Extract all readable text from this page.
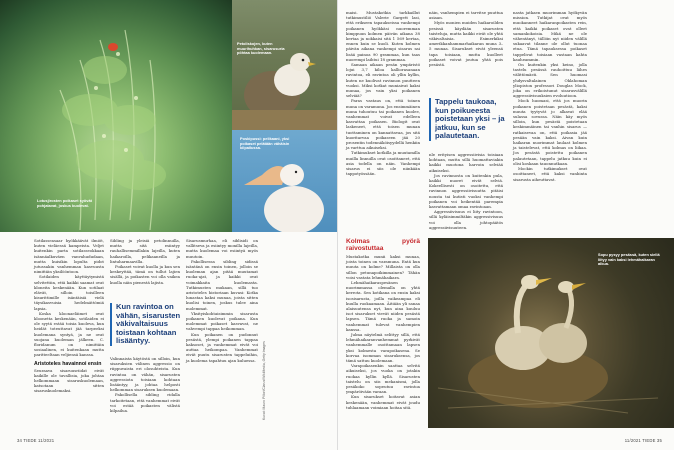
Petoliskojen, kuten muurihuhkan, sisarusuria pöhtaa kuolemaan.
Poskipussi: pelikaani, yksi poikaset pelätään vähäisin kilpailussa.
Lotusjirosten poikaset syövät pohjatavat, joskus kuolevat.

Sotilasseasaar hyökkäävät ilmiöt, kuten vieläessä kampeista. Veljet kuitenkin parta sotilasseokkaan isännäalkuväen vanvahududaan, mutta kuisikin lopulta pidot jutussakin vanhemman kasvuusta nimittäin yksilööntoon.

Sotilaiden käyttäytymistä selvitettiin, että kaikki saamat ovat kloneita keskenään. Kun sotilaat elävät, silloin toisilleen kisurittimille isäntäisiä vielä täysikasvuisia hedelmättömiä lapsia.

Koska kloonaeläimet ovat kloonetta keskenään, sotilaiden ei ole syytä estää toisia kuoleva, kun heidät toteuttavat jää tarpeeksi kuolemana syntyä, ja ne ovat suojana kuoleman jälkeen. C. floridanum on nimittäin sosiaalinen, ei kuitenkaan mutta paritteeltaan veljiensä kanssa.

Aristoteles havainnoi ensin

Seuraava sisaruusriidat eivät kaikille ole tavallisia, joka johtaa helkommaan sisaruskuolemaan, katsotaan sitten sisaruskuolemaksi.

Sibling ja yleisiä petolinnuilla, mutta sitä esiintyy rauhallisemmillakin lajeilla, kuten haikaroilla, pelikaaneilla ja lintuharmaavilla.

Poikaset voivat kuolla ja kun sen keskeyttää, tämä on tullut lajien sisällä, ja poikasten voi olla vaikea kuolla näin pienestä lajista.

Kun ravintoa on vähän, sisarusten väkivaltaisuus toistaan kohtaan lisääntyy.

Valinnaista käytöstä on silloin, kun sisaruksien välinen aggressio on riippuvaista eri olosuhteista. Kun ravintoa on vähän, sisarusten aggressiota toisiaan kohtaan lisääntyy, ja johtaa helposti helkomman sisaruksen kuolemaan.

Pakollisella sibling ridalla tarkoitetaan, että vanhemmat eivät voi estää poikasten välistä kilpailua.

Sisarusmurhaa, eli siblisidi on vallitseva ja esiintyy monilla lajeilla, mutta kuolemaa voi esiintyä myös muutoin.

Pakollisessa sibling sidissä isäntänä on ensin toinen, jolloin se kuoleman ajan pitää muutamat ruoka-ajat, ja kaikki ovat voimakkaita kuolemasta. Tutkimusten mukaan, sillä tuo aristoteles historiaan kuvasi: Kotka lunastaa kaksi munaa, joista sitten kuolisi toinen, joskus tulee aina molemmat.

Yksityiskohtaisimmin sisarusta poikanen kuolevat poikana. Kun molemmat poikaset kasvavat, ne vahvempi tappaa heikomman.

Kun poikanen on pudonnut pesästä, ylempi poikanen tappaa kaksoset, ja vanhemmat eivät voi auttaa heikompaa. Vanhemmat eivät puutu sisarusten tappeluihin, ja kuolema tapahtuu ajan kuluessa.	Kuvat: Mauro Pillori/Clarus/WikiMedia, Getty Images
34 TIEDE 11/2021

maisi. Mustakotkia tarkkaillut tutkimustiliö Valerie Gargett lasi, että erikseen tapaukseissa vanhempi poikanen hyökkäsi nuoremman kimppuun kolmen päivän aikana 38 kertaa ja nokkaisi sitä 1 569 kertaa, ennen kuin se kuoli. Kuten kolmen päivän aikana vanhempi sisarus sai lisää painoa 90 grammaa, kun taas nuorempi laihtui 18 grammaa.

Samaan aikaan pesän ympäristö lojui 3,7 kiloa kalliorasanaan ravintoa, eli ravintoa oli yllin kyllin, kuten ne kuolivat ravinnon puutteen vuoksi. Miksi kotkat muniaivat kaksi munaa, jos vain yksi poikanen selviää?

Paras vastaus on, että toinen muna on varamuna. Jos ensimmäinen muna tuhoutuu tai poikanen kuolee, vanhemmat voivat edelleen kasvattaa poikasen. Biologit ovat laskeneet, että toisen munan tuottaminen on kannattavaa, jos sitä kuoritarvaa poikaseen jää 20 prosentin todennäköisyydellä henkiin ja varttua aikuiseksi.

Tutkimukset kotkilla ja muutamilla muilla linnuilla ovat osoittaneet, että asia todella on näin. Vanhempi sisarus ei siis ole niinkään tappotyössään.

näin, vanhempien ei tarvitse puuttua asiaan.

Myös monien muiden haikaroilden pesissä käydään sisarusten taisteluja, mutta kaikki eivät ole yhtä väkivaltaisia. Esimerkiksi amerikkanhammarhaikaran muna 3–5 munaa. Sisarukset eivät yleensä tapa toisiaan, mutta kuolleet poikaset voivat joutua yhtä pois pesästä.

Tappelu taukoaa, kun poikueesta poistetaan yksi – ja jatkuu, kun se palautetaan.

nle erityisen aggressiivisia toisiaan kohtaan, mutta sillä huomattaviakin kaikki muotona harvoin selviää aikuiseksi.

Jos ravinnosta on kuitenkin pula, kaikki nuoret eivät selviä. Kokeellisesti on osoitettu, että ravinnon aggressiivisuutta pitäisi nousta tai kutisti vuoksi vanhempi poikanen voi heikentää parempia kasvattamaan omaa ravintoaan.

Aggressiivisuus ei liity ravintoon, sillä kyläisimmiltäkin aggressivisuus voi olla johtopäätös aggressiivisuuteen.

nasta jatkaen muorimman hyökyvän mission. Tutkijat ovat myös muokanneet haikaranpoikasten rein, että kaikki poikaset ovat olleet samankokoisia. Mikä ne ole vähentänyt, tällöin nyt niiden välillä sukaavat tilanne ole ollut tuonaa etua. Tämä tapauksessa poikaset tappelivat toisiaan vastaan kahta kauheammin.

On kuitenkin yksi keino, jolla tastelu pesässä rauhoittuu lähes välittömästi. Sen huomasi yhdysvaltalainen Oklahoman yliopiston professori Douglas Mock, joka on erikoistunut sisarusvälillä aggressiivisuuksien evoluutioon.

Mock huomasi, että jos muorin poikanen poistetaan pesästä, kaksi muuta tyytyvät jo alkavat elää sulassa sovussa. Näin käy myös silloin, kun pesästä poistetaan keskimmäinen tai vanhin sisarus — ratkaisevaa on, että poikasia jää pesään vain kaksi. Aivan kuin haikaran nuorimmat laulaat kolmen ja taistelevat, että kolmas on liikaa. Jos pesästä poistettu poikanen palautetaan, tappelu jatkuu kuin ei olisi koskaan tauonnutkaan.

Mockin tutkimukset ovat osoittaneet, että kaksi vanhinta sisarusta aiheuttavat.

Kolmas pyörä raivostuttaa

Mustakotka munii kaksi munaa, joista toinen on varamuna. Entä kun muuta on kolme? Millaista on olla sillon petunapoikimmainen? Tähän voisi vastata lehmähaikara.

Lehmähaikaraspesänen nuorimmassa olemalla on yhtä kerrota. Sen kotikana on ensin kaksi isosisarusta, joilla vaikeampaa eli kuulla ruokaamaan. Äitiään yli sanaa alaisuutensa nyt, kun aina kuuluu isot sisarukset vievät niiden pesästä lapsen. Tämä ruoka ja samoin vanhemmat tulevat vanhempien kanssa.

Julma näytelmä selittyy sillä, että lehmähaikaranvanhemmat pyrkivät vanhemmalle osoittamaan lapsen yksi kolmesta varapoikasena. Se korvaa isomman sisaruksensa, jos tämä sattuu kuolemaan.

Varapoikasenkin saattaa selvitä aikuiseksi, jos vuoka on jotakin ruokaa kyllin kyllä. Sisarusten taistelu on siis mekanismi, jolla pesäkoko sopeutuu ravintoa ympäröivään varaan.

Kun sisarukset hoitavat asian keskenään, vanhemmat eivät joudu tuhlaamaan voimiaan hoitaa sitä.

Sopu pysyy pesässä, kuten siellä liityy vain kaksi lehmähaikaran alkua.
11/2021 TIEDE 35
